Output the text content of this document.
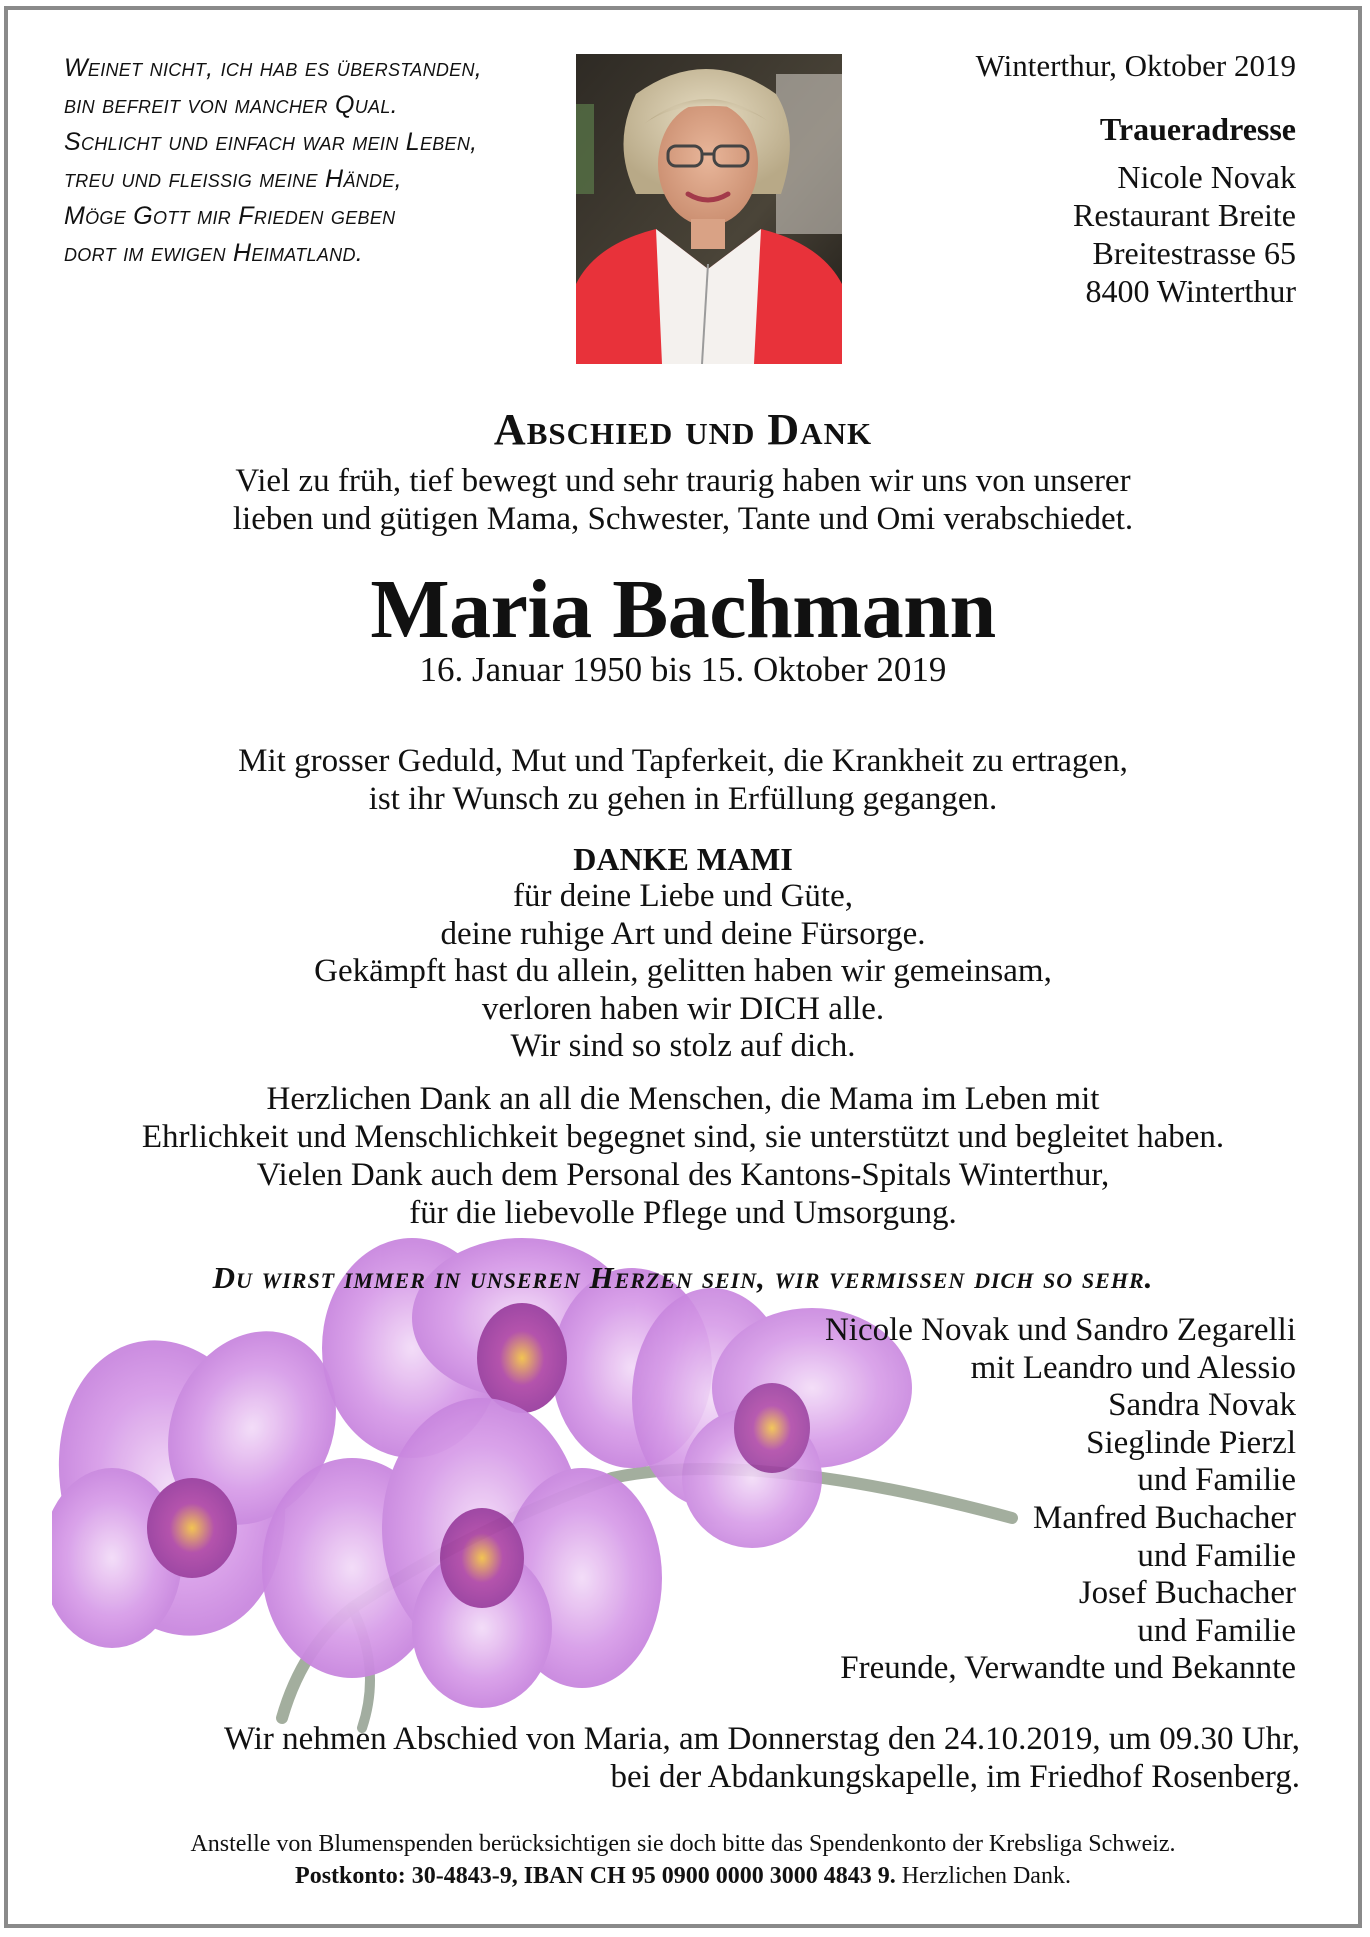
Weinet nicht, ich hab es überstanden,
bin befreit von mancher Qual.
Schlicht und einfach war mein Leben,
treu und fleissig meine Hände,
Möge Gott mir Frieden geben
dort im ewigen Heimatland.
Winterthur, Oktober 2019
Traueradresse
Nicole Novak
Restaurant Breite
Breitestrasse 65
8400 Winterthur
Abschied und Dank
Viel zu früh, tief bewegt und sehr traurig haben wir uns von unserer
lieben und gütigen Mama, Schwester, Tante und Omi verabschiedet.
Maria Bachmann
16. Januar 1950 bis 15. Oktober 2019
Mit grosser Geduld, Mut und Tapferkeit, die Krankheit zu ertragen,
ist ihr Wunsch zu gehen in Erfüllung gegangen.
DANKE MAMI
für deine Liebe und Güte,
deine ruhige Art und deine Fürsorge.
Gekämpft hast du allein, gelitten haben wir gemeinsam,
verloren haben wir DICH alle.
Wir sind so stolz auf dich.
Herzlichen Dank an all die Menschen, die Mama im Leben mit
Ehrlichkeit und Menschlichkeit begegnet sind, sie unterstützt und begleitet haben.
Vielen Dank auch dem Personal des Kantons-Spitals Winterthur,
für die liebevolle Pflege und Umsorgung.
Du wirst immer in unseren Herzen sein, wir vermissen dich so sehr.
Nicole Novak und Sandro Zegarelli
mit Leandro und Alessio
Sandra Novak
Sieglinde Pierzl
und Familie
Manfred Buchacher
und Familie
Josef Buchacher
und Familie
Freunde, Verwandte und Bekannte
Wir nehmen Abschied von Maria, am Donnerstag den 24.10.2019, um 09.30 Uhr,
bei der Abdankungskapelle, im Friedhof Rosenberg.
Anstelle von Blumenspenden berücksichtigen sie doch bitte das Spendenkonto der Krebsliga Schweiz.
Postkonto: 30-4843-9, IBAN CH 95 0900 0000 3000 4843 9. Herzlichen Dank.
